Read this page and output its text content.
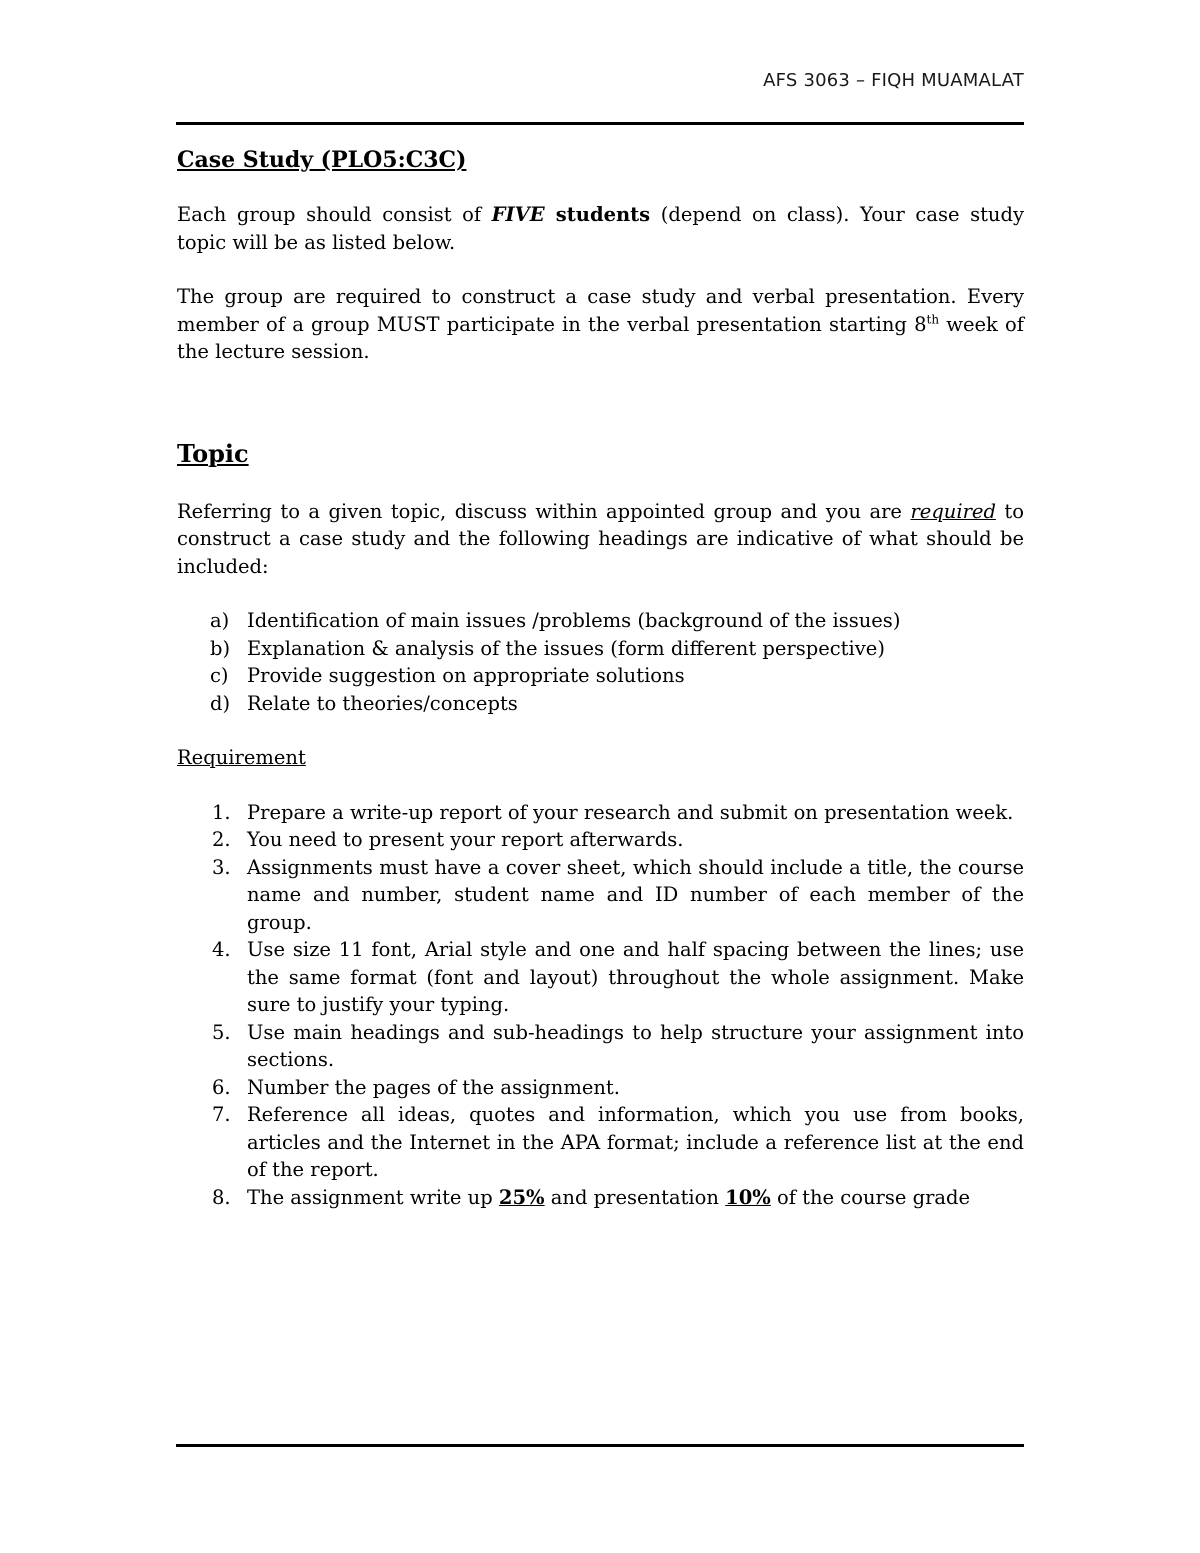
AFS 3063 – FIQH MUAMALAT
Case Study (PLO5:C3C)

Each group should consist of FIVE students (depend on class). Your case study topic will be as listed below.

The group are required to construct a case study and verbal presentation. Every member of a group MUST participate in the verbal presentation starting 8th week of the lecture session.

Topic

Referring to a given topic, discuss within appointed group and you are required to construct a case study and the following headings are indicative of what should be included:

a) Identification of main issues /problems (background of the issues)
b) Explanation & analysis of the issues (form different perspective)
c) Provide suggestion on appropriate solutions
d) Relate to theories/concepts
Requirement
1. Prepare a write-up report of your research and submit on presentation week.

2. You need to present your report afterwards.

3. Assignments must have a cover sheet, which should include a title, the course name and number, student name and ID number of each member of the group.

4. Use size 11 font, Arial style and one and half spacing between the lines; use the same format (font and layout) throughout the whole assignment. Make sure to justify your typing.

5. Use main headings and sub-headings to help structure your assignment into sections.

6. Number the pages of the assignment.

7. Reference all ideas, quotes and information, which you use from books, articles and the Internet in the APA format; include a reference list at the end of the report.

8. The assignment write up 25% and presentation 10% of the course grade
